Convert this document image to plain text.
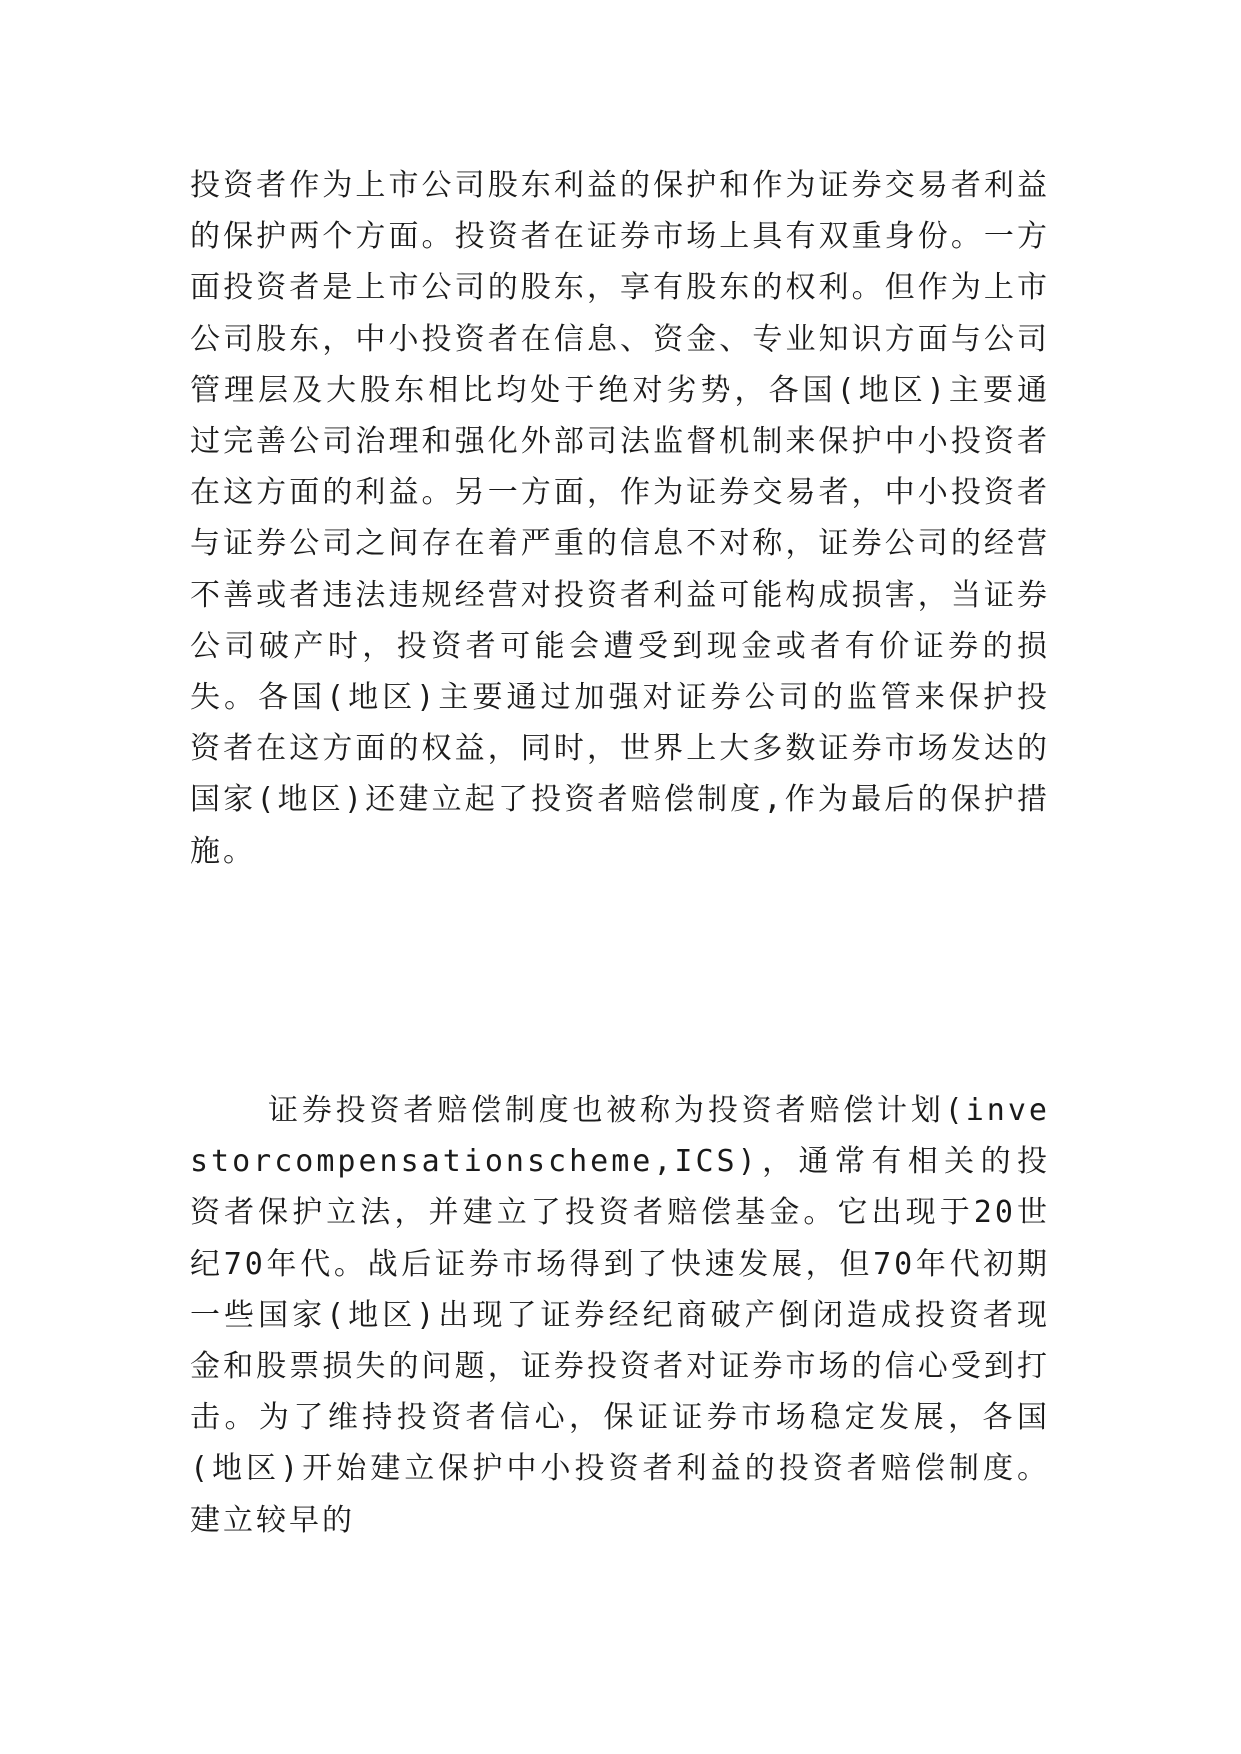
投资者作为上市公司股东利益的保护和作为证券交易者利益的保护两个方面。投资者在证券市场上具有双重身份。一方面投资者是上市公司的股东，享有股东的权利。但作为上市公司股东，中小投资者在信息、资金、专业知识方面与公司管理层及大股东相比均处于绝对劣势，各国(地区)主要通过完善公司治理和强化外部司法监督机制来保护中小投资者在这方面的利益。另一方面，作为证券交易者，中小投资者与证券公司之间存在着严重的信息不对称，证券公司的经营不善或者违法违规经营对投资者利益可能构成损害，当证券公司破产时，投资者可能会遭受到现金或者有价证券的损失。各国(地区)主要通过加强对证券公司的监管来保护投资者在这方面的权益，同时，世界上大多数证券市场发达的国家(地区)还建立起了投资者赔偿制度,作为最后的保护措施。

证券投资者赔偿制度也被称为投资者赔偿计划(investorcompensationscheme,ICS)，通常有相关的投资者保护立法，并建立了投资者赔偿基金。它出现于20世纪70年代。战后证券市场得到了快速发展，但70年代初期一些国家(地区)出现了证券经纪商破产倒闭造成投资者现金和股票损失的问题，证券投资者对证券市场的信心受到打击。为了维持投资者信心，保证证券市场稳定发展，各国(地区)开始建立保护中小投资者利益的投资者赔偿制度。建立较早的
